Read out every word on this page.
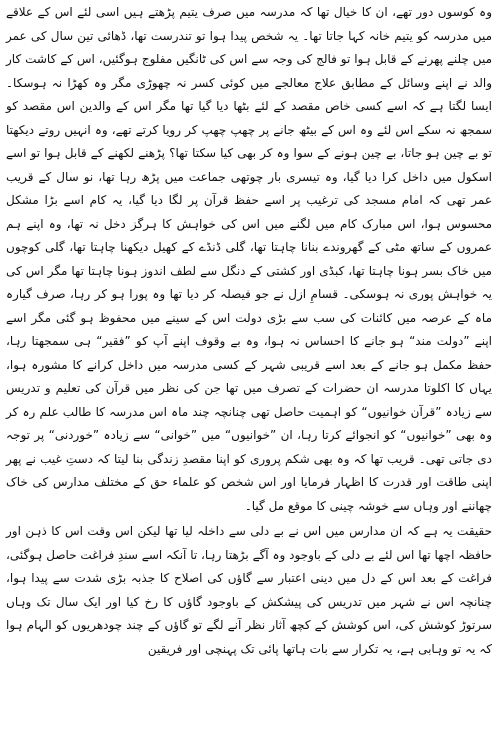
وہ کوسوں دور تھے، ان کا خیال تھا کہ مدرسہ میں صرف یتیم پڑھتے ہیں اسی لئے اس کے علاقے میں مدرسہ کو یتیم خانہ کہا جاتا تھا۔ یہ شخص پیدا ہوا تو تندرست تھا، ڈھائی تین سال کی عمر میں چلنے پھرنے کے قابل ہوا تو فالج کی وجہ سے اس کی ٹانگیں مفلوج ہوگئیں، اس کے کاشت کار والد نے اپنے وسائل کے مطابق علاج معالجے میں کوئی کسر نہ چھوڑی مگر وہ کھڑا نہ ہوسکا۔ ایسا لگتا ہے کہ اسے کسی خاص مقصد کے لئے بٹھا دیا گیا تھا مگر اس کے والدین اس مقصد کو سمجھ نہ سکے اس لئے وہ اس کے بیٹھ جانے پر چھپ چھپ کر رویا کرتے تھے، وہ انہیں روتے دیکھتا تو بے چین ہو جاتا، بے چین ہونے کے سوا وہ کر بھی کیا سکتا تھا؟ پڑھنے لکھنے کے قابل ہوا تو اسے اسکول میں داخل کرا دیا گیا، وہ تیسری بار چوتھی جماعت میں پڑھ رہا تھا، نو سال کے قریب عمر تھی کہ امام مسجد کی ترغیب پر اسے حفظ قرآن پر لگا دیا گیا، یہ کام اسے بڑا مشکل محسوس ہوا، اس مبارک کام میں لگنے میں اس کی خواہش کا ہرگز دخل نہ تھا، وہ اپنے ہم عمروں کے ساتھ مٹی کے گھروندے بنانا چاہتا تھا، گلی ڈنڈے کے کھیل دیکھنا چاہتا تھا، گلی کوچوں میں خاک بسر ہونا چاہتا تھا، کبڈی اور کشتی کے دنگل سے لطف اندوز ہونا چاہتا تھا مگر اس کی یہ خواہش پوری نہ ہوسکی۔ قسامِ ازل نے جو فیصلہ کر دیا تھا وہ پورا ہو کر رہا، صرف گیارہ ماہ کے عرصہ میں کائنات کی سب سے بڑی دولت اس کے سینے میں محفوظ ہو گئی مگر اسے اپنے ”دولت مند“ ہو جانے کا احساس نہ ہوا، وہ بے وقوف اپنے آپ کو ”فقیر“ ہی سمجھتا رہا، حفظ مکمل ہو جانے کے بعد اسے قریبی شہر کے کسی مدرسہ میں داخل کرانے کا مشورہ ہوا، یہاں کا اکلوتا مدرسہ ان حضرات کے تصرف میں تھا جن کی نظر میں قرآن کی تعلیم و تدریس سے زیادہ ”قرآن خوانیوں“ کو اہمیت حاصل تھی چنانچہ چند ماہ اس مدرسہ کا طالب علم رہ کر وہ بھی ”خوانیوں“ کو انجوائے کرتا رہا، ان ”خوانیوں“ میں ”خوانی“ سے زیادہ ”خوردنی“ پر توجہ دی جاتی تھی۔ قریب تھا کہ وہ بھی شکم پروری کو اپنا مقصدِ زندگی بنا لیتا کہ دستِ غیب نے پھر اپنی طاقت اور قدرت کا اظہار فرمایا اور اس شخص کو علماء حق کے مختلف مدارس کی خاک چھاننے اور وہاں سے خوشہ چینی کا موقع مل گیا۔

حقیقت یہ ہے کہ ان مدارس میں اس نے بے دلی سے داخلہ لیا تھا لیکن اس وقت اس کا ذہن اور حافظہ اچھا تھا اس لئے بے دلی کے باوجود وہ آگے بڑھتا رہا، تا آنکہ اسے سندِ فراغت حاصل ہوگئی، فراغت کے بعد اس کے دل میں دینی اعتبار سے گاؤں کی اصلاح کا جذبہ بڑی شدت سے پیدا ہوا، چنانچہ اس نے شہر میں تدریس کی پیشکش کے باوجود گاؤں کا رخ کیا اور ایک سال تک وہاں سرتوڑ کوشش کی، اس کوشش کے کچھ آثار نظر آنے لگے تو گاؤں کے چند چودھریوں کو الہام ہوا کہ یہ تو وہابی ہے، یہ تکرار سے بات ہاتھا پائی تک پہنچی اور فریقین
